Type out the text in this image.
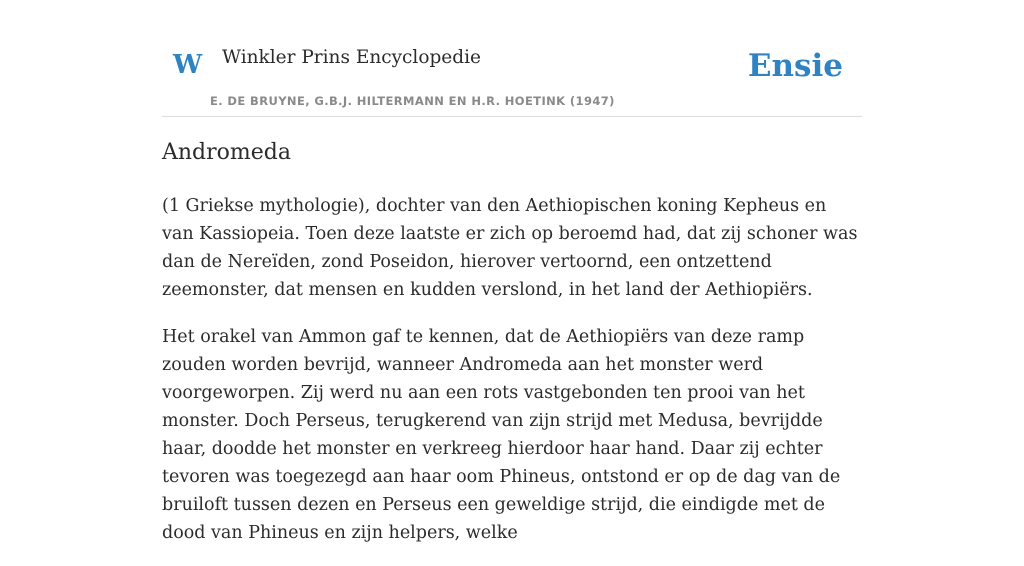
W Winkler Prins Encyclopedie
E. DE BRUYNE, G.B.J. HILTERMANN EN H.R. HOETINK (1947)
Ensie
Andromeda

(1 Griekse mythologie), dochter van den Aethiopischen koning Kepheus en van Kassiopeia. Toen deze laatste er zich op beroemd had, dat zij schoner was dan de Nereïden, zond Poseidon, hierover vertoornd, een ontzettend zeemonster, dat mensen en kudden verslond, in het land der Aethiopiërs.

Het orakel van Ammon gaf te kennen, dat de Aethiopiërs van deze ramp zouden worden bevrijd, wanneer Andromeda aan het monster werd voorgeworpen. Zij werd nu aan een rots vastgebonden ten prooi van het monster. Doch Perseus, terugkerend van zijn strijd met Medusa, bevrijdde haar, doodde het monster en verkreeg hierdoor haar hand. Daar zij echter tevoren was toegezegd aan haar oom Phineus, ontstond er op de dag van de bruiloft tussen dezen en Perseus een geweldige strijd, die eindigde met de dood van Phineus en zijn helpers, welke
